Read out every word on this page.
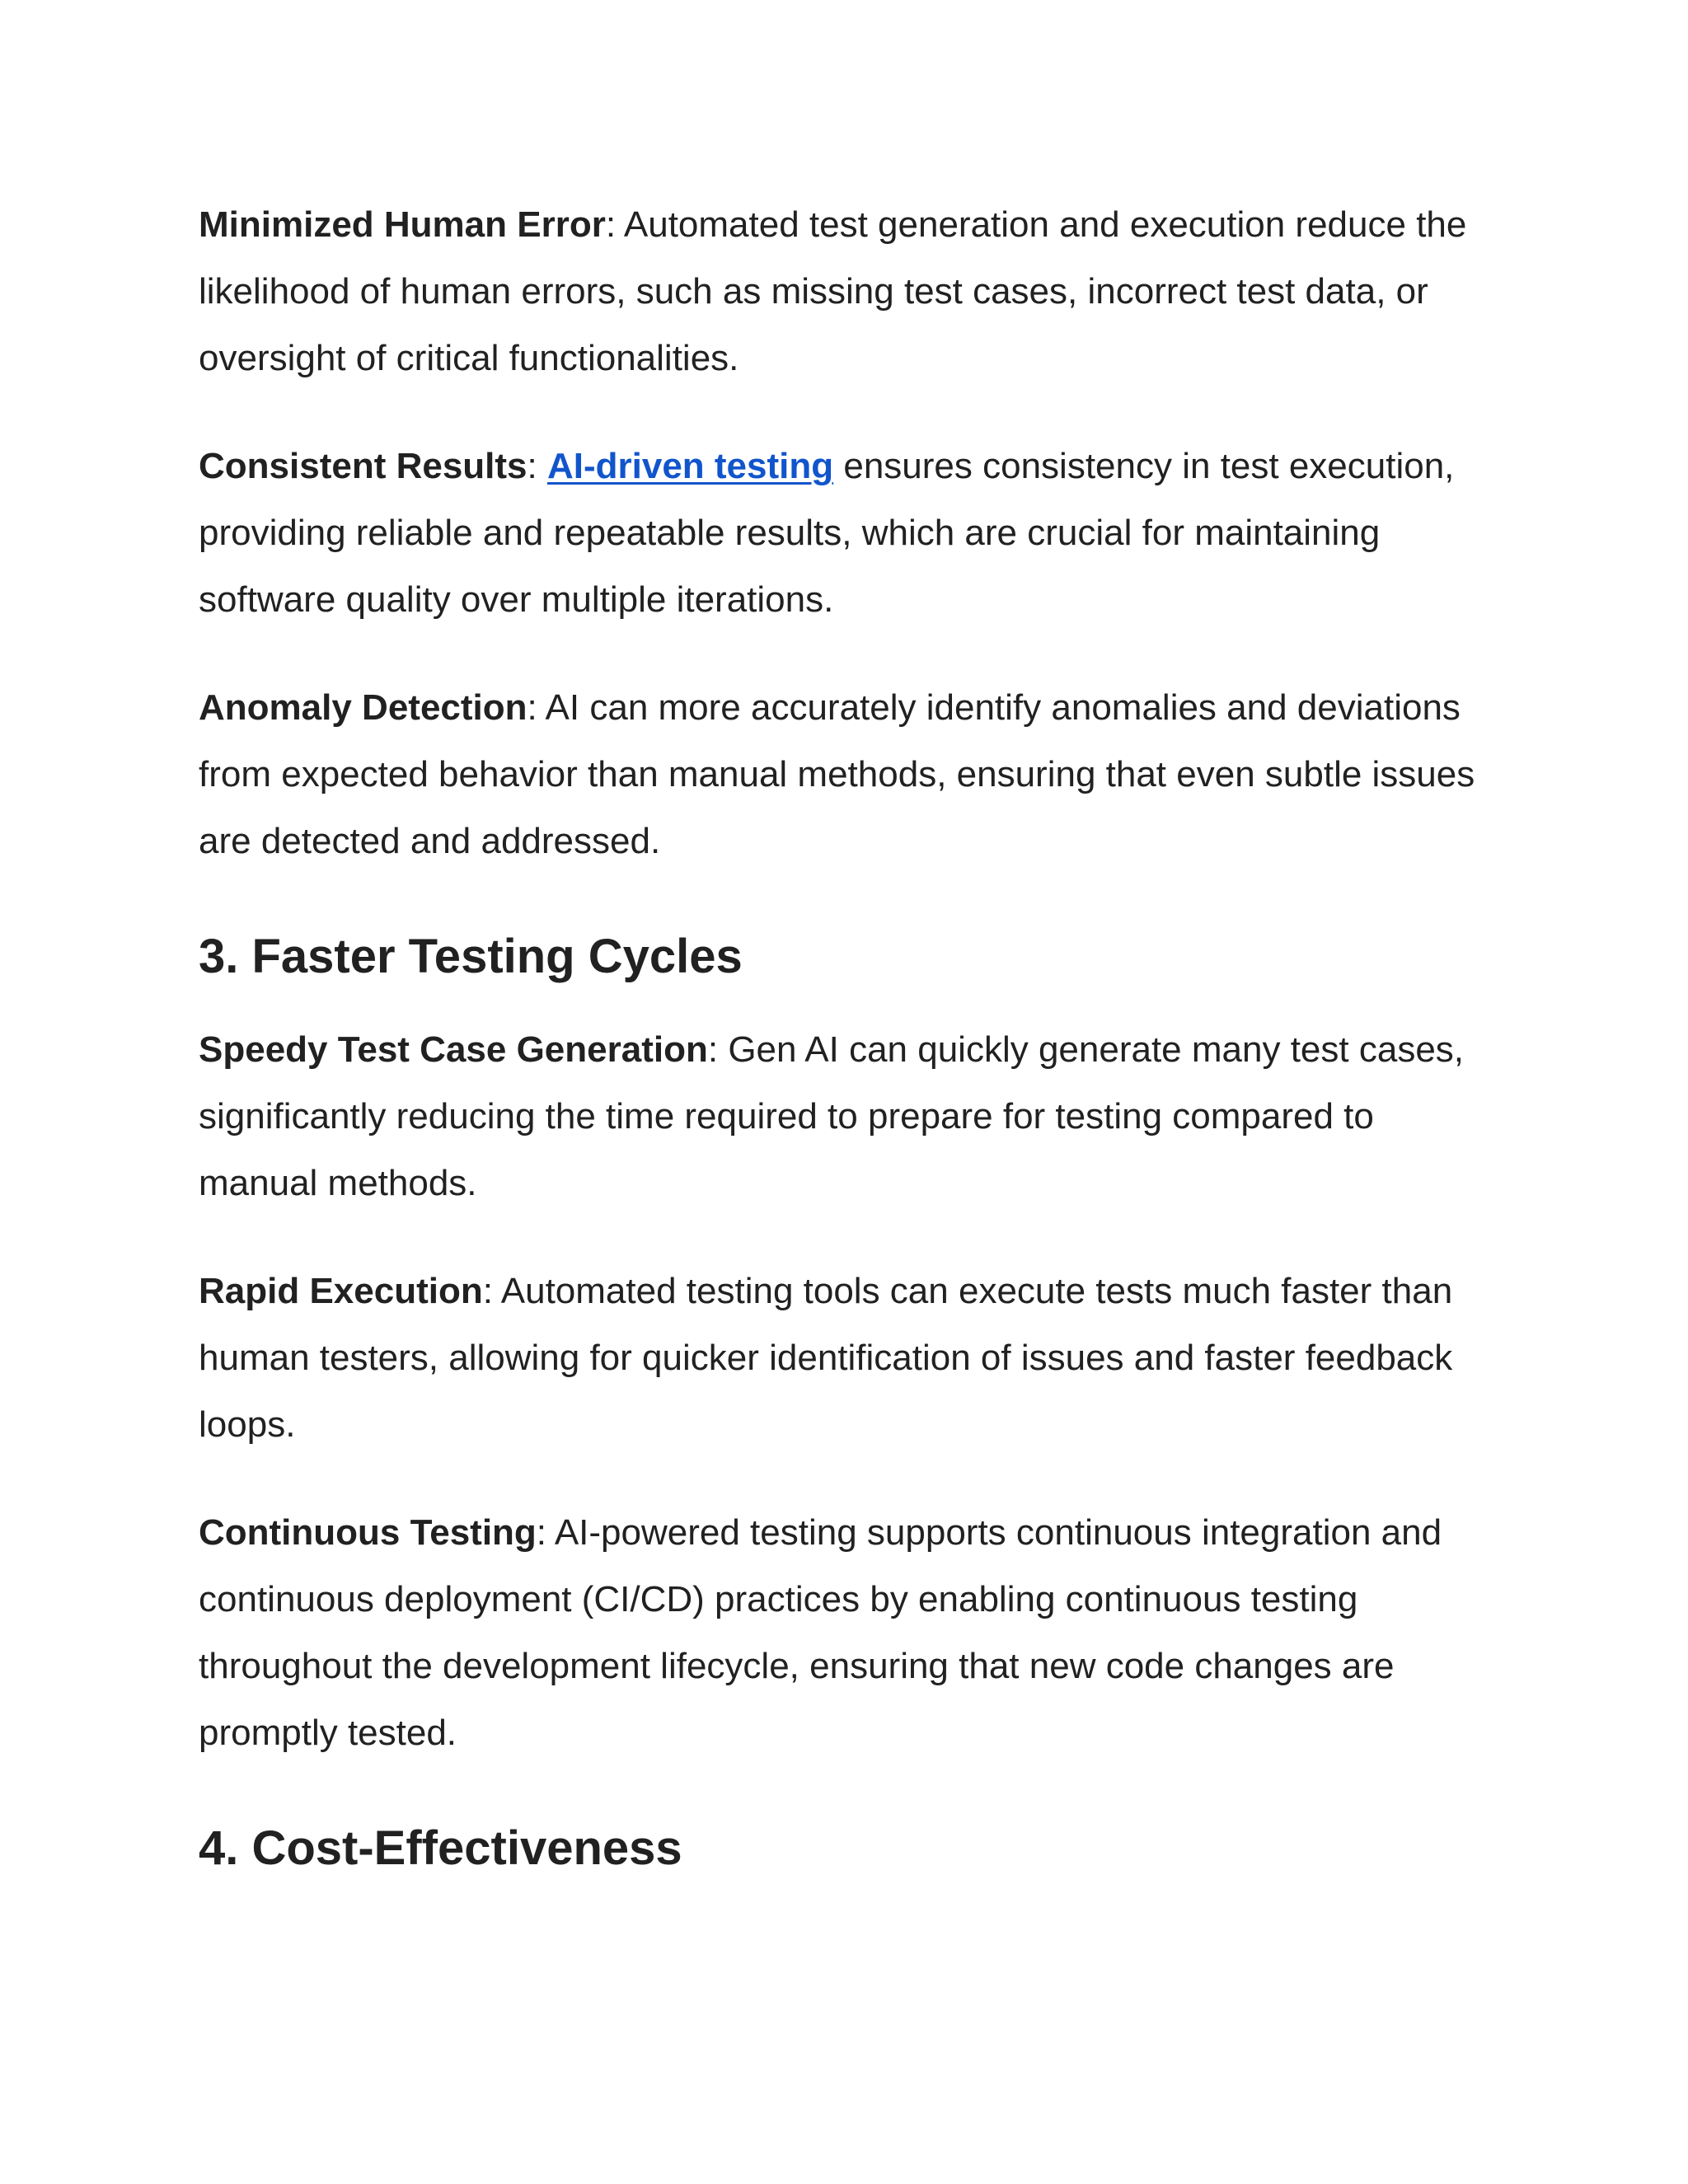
Minimized Human Error: Automated test generation and execution reduce the likelihood of human errors, such as missing test cases, incorrect test data, or oversight of critical functionalities.

Consistent Results: AI-driven testing ensures consistency in test execution, providing reliable and repeatable results, which are crucial for maintaining software quality over multiple iterations.

Anomaly Detection: AI can more accurately identify anomalies and deviations from expected behavior than manual methods, ensuring that even subtle issues are detected and addressed.

3. Faster Testing Cycles

Speedy Test Case Generation: Gen AI can quickly generate many test cases, significantly reducing the time required to prepare for testing compared to manual methods.

Rapid Execution: Automated testing tools can execute tests much faster than human testers, allowing for quicker identification of issues and faster feedback loops.

Continuous Testing: AI-powered testing supports continuous integration and continuous deployment (CI/CD) practices by enabling continuous testing throughout the development lifecycle, ensuring that new code changes are promptly tested.

4. Cost-Effectiveness
